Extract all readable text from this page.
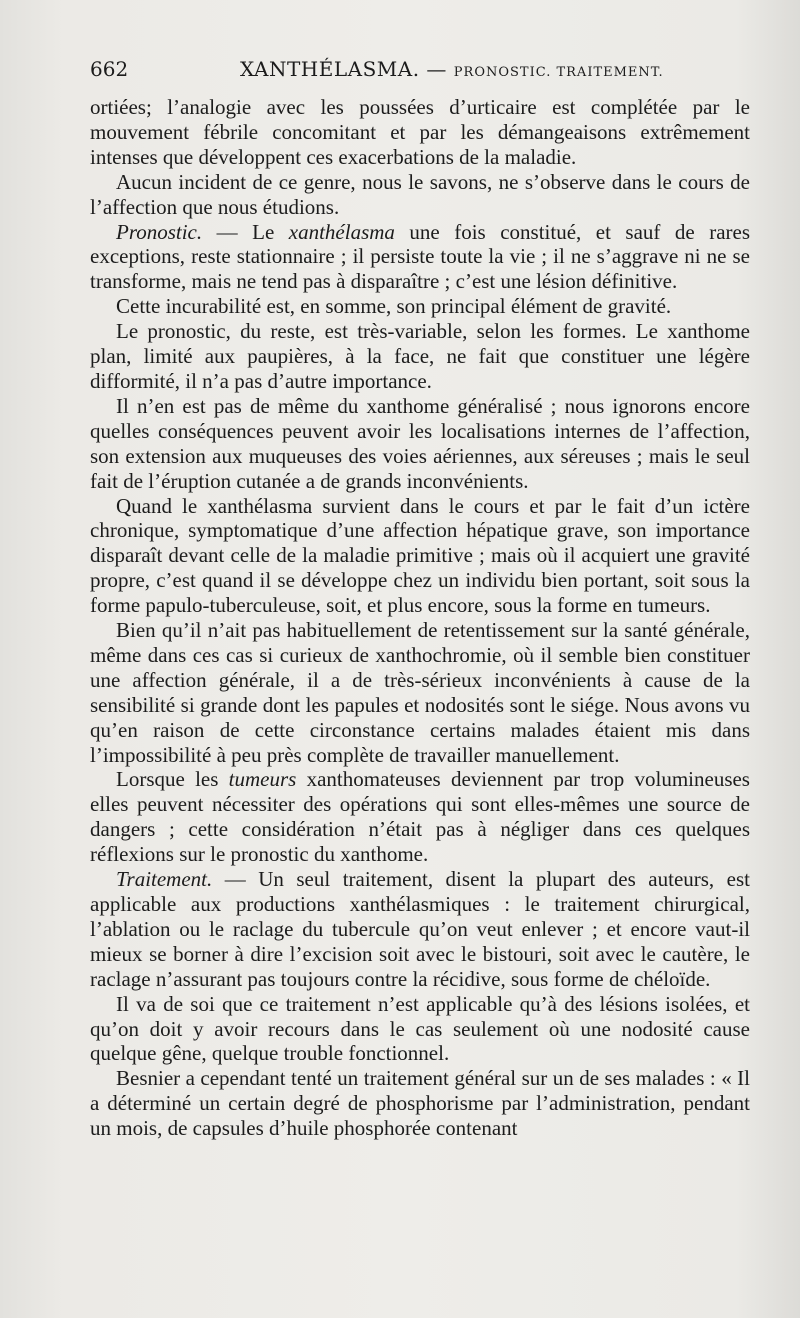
662	XANTHÉLASMA. — PRONOSTIC. TRAITEMENT.

ortiées; l’analogie avec les poussées d’urticaire est complétée par le mouvement fébrile concomitant et par les démangeaisons extrêmement intenses que développent ces exacerbations de la maladie.

Aucun incident de ce genre, nous le savons, ne s’observe dans le cours de l’affection que nous étudions.

Pronostic. — Le xanthélasma une fois constitué, et sauf de rares exceptions, reste stationnaire ; il persiste toute la vie ; il ne s’aggrave ni ne se transforme, mais ne tend pas à disparaître ; c’est une lésion définitive.

Cette incurabilité est, en somme, son principal élément de gravité.

Le pronostic, du reste, est très-variable, selon les formes. Le xanthome plan, limité aux paupières, à la face, ne fait que constituer une légère difformité, il n’a pas d’autre importance.

Il n’en est pas de même du xanthome généralisé ; nous ignorons encore quelles conséquences peuvent avoir les localisations internes de l’affection, son extension aux muqueuses des voies aériennes, aux séreuses ; mais le seul fait de l’éruption cutanée a de grands inconvénients.

Quand le xanthélasma survient dans le cours et par le fait d’un ictère chronique, symptomatique d’une affection hépatique grave, son importance disparaît devant celle de la maladie primitive ; mais où il acquiert une gravité propre, c’est quand il se développe chez un individu bien portant, soit sous la forme papulo-tuberculeuse, soit, et plus encore, sous la forme en tumeurs.

Bien qu’il n’ait pas habituellement de retentissement sur la santé générale, même dans ces cas si curieux de xanthochromie, où il semble bien constituer une affection générale, il a de très-sérieux inconvénients à cause de la sensibilité si grande dont les papules et nodosités sont le siége. Nous avons vu qu’en raison de cette circonstance certains malades étaient mis dans l’impossibilité à peu près complète de travailler manuellement.

Lorsque les tumeurs xanthomateuses deviennent par trop volumineuses elles peuvent nécessiter des opérations qui sont elles-mêmes une source de dangers ; cette considération n’était pas à négliger dans ces quelques réflexions sur le pronostic du xanthome.

Traitement. — Un seul traitement, disent la plupart des auteurs, est applicable aux productions xanthélasmiques : le traitement chirurgical, l’ablation ou le raclage du tubercule qu’on veut enlever ; et encore vaut-il mieux se borner à dire l’excision soit avec le bistouri, soit avec le cautère, le raclage n’assurant pas toujours contre la récidive, sous forme de chéloïde.

Il va de soi que ce traitement n’est applicable qu’à des lésions isolées, et qu’on doit y avoir recours dans le cas seulement où une nodosité cause quelque gêne, quelque trouble fonctionnel.

Besnier a cependant tenté un traitement général sur un de ses malades : « Il a déterminé un certain degré de phosphorisme par l’administration, pendant un mois, de capsules d’huile phosphorée contenant
